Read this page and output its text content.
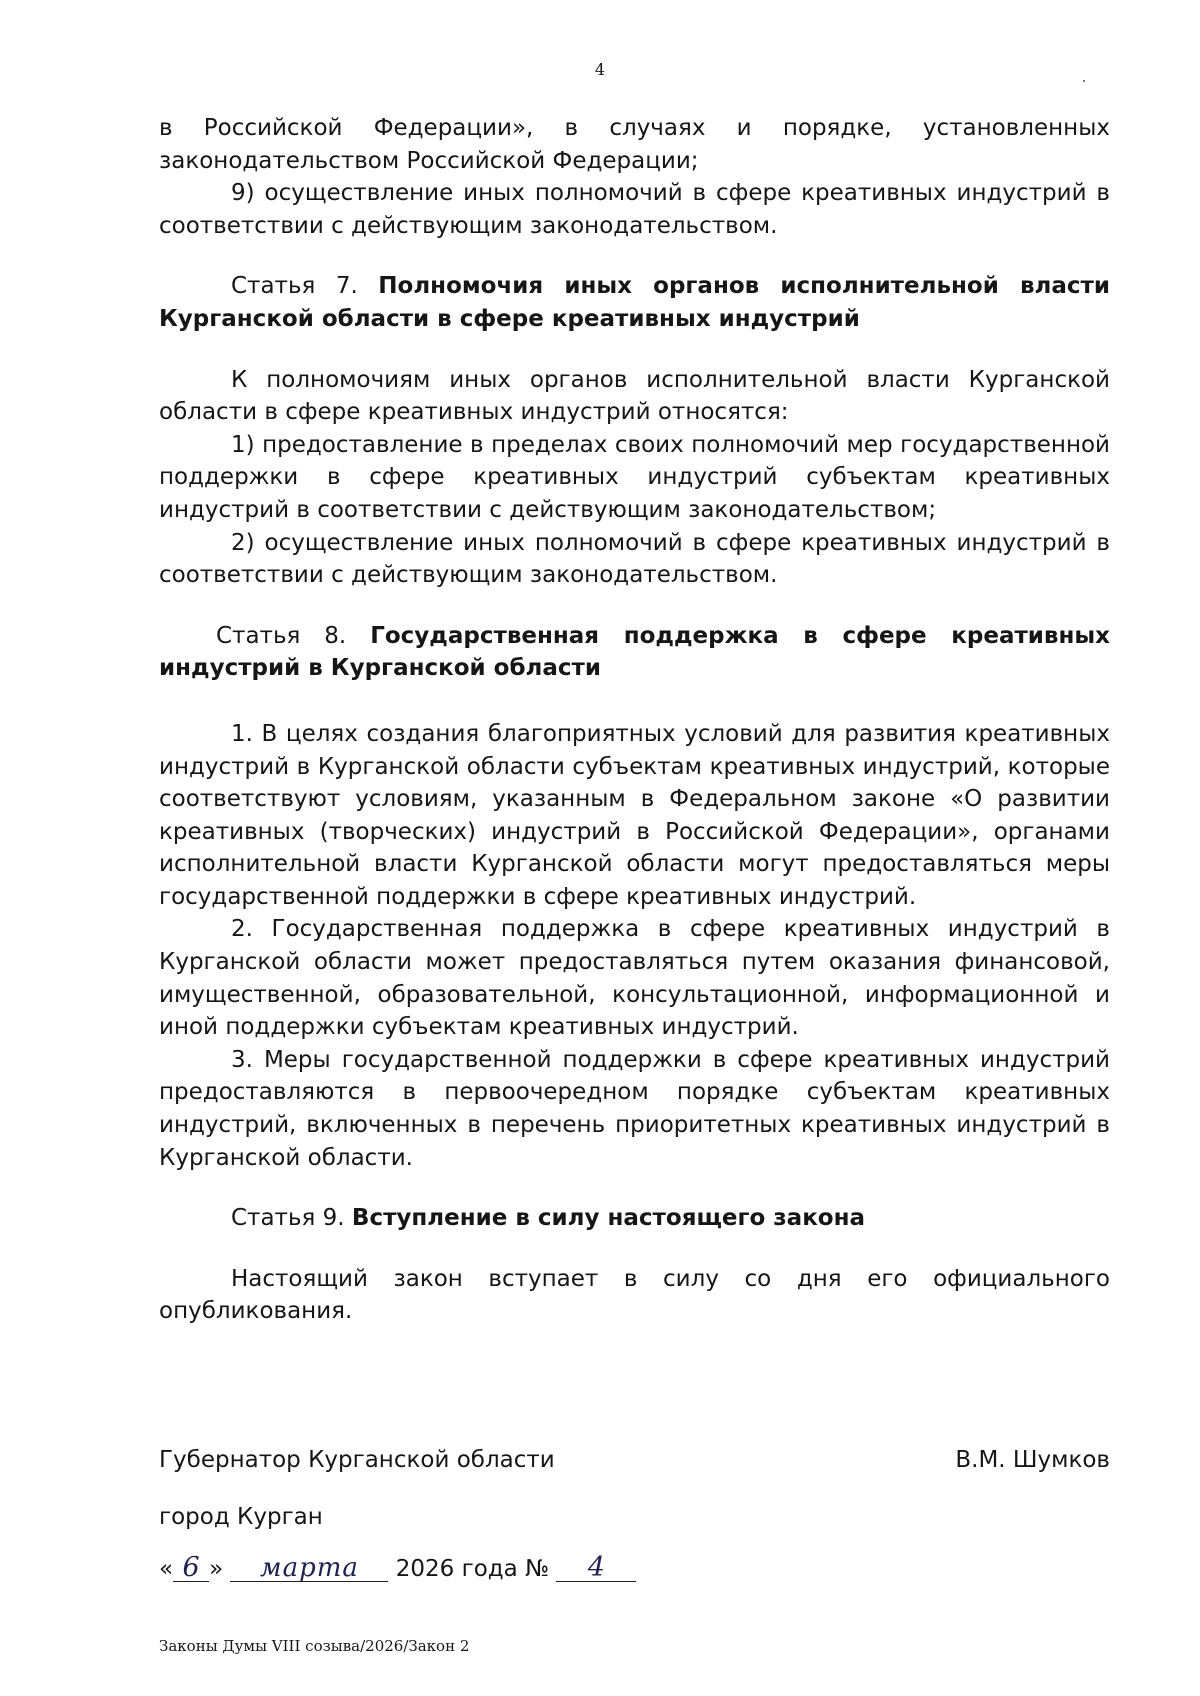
4

в Российской Федерации», в случаях и порядке, установленных законодательством Российской Федерации;

9) осуществление иных полномочий в сфере креативных индустрий в соответствии с действующим законодательством.

Статья 7. Полномочия иных органов исполнительной власти Курганской области в сфере креативных индустрий

К полномочиям иных органов исполнительной власти Курганской области в сфере креативных индустрий относятся:

1) предоставление в пределах своих полномочий мер государственной поддержки в сфере креативных индустрий субъектам креативных индустрий в соответствии с действующим законодательством;

2) осуществление иных полномочий в сфере креативных индустрий в соответствии с действующим законодательством.

Статья 8. Государственная поддержка в сфере креативных индустрий в Курганской области

1. В целях создания благоприятных условий для развития креативных индустрий в Курганской области субъектам креативных индустрий, которые соответствуют условиям, указанным в Федеральном законе «О развитии креативных (творческих) индустрий в Российской Федерации», органами исполнительной власти Курганской области могут предоставляться меры государственной поддержки в сфере креативных индустрий.

2. Государственная поддержка в сфере креативных индустрий в Курганской области может предоставляться путем оказания финансовой, имущественной, образовательной, консультационной, информационной и иной поддержки субъектам креативных индустрий.

3. Меры государственной поддержки в сфере креативных индустрий предоставляются в первоочередном порядке субъектам креативных индустрий, включенных в перечень приоритетных креативных индустрий в Курганской области.

Статья 9. Вступление в силу настоящего закона

Настоящий закон вступает в силу со дня его официального опубликования.

Губернатор Курганской области	В.М. Шумков
город Курган
« 6 » марта 2026 года № 4
Законы Думы VIII созыва/2026/Закон 2
